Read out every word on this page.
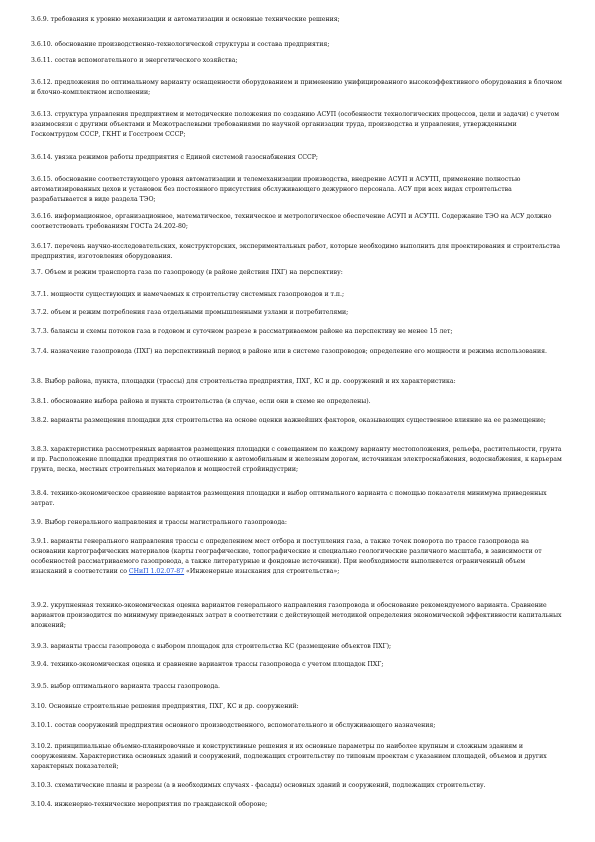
3.6.9. требования к уровню механизации и автоматизации и основные технические решения;

3.6.10. обоснование производственно-технологической структуры и состава предприятия;

3.6.11. состав вспомогательного и энергетического хозяйства;

3.6.12. предложения по оптимальному варианту оснащенности оборудованием и применению унифицированного высокоэффективного оборудования в блочном и блочно-комплектном исполнении;

3.6.13. структура управления предприятием и методические положения по созданию АСУП (особенности технологических процессов, цели и задачи) с учетом взаимосвязи с другими объектами и Межотраслевыми требованиями по научной организации труда, производства и управления, утвержденными Госкомтрудом СССР, ГКНТ и Госстроем СССР;

3.6.14. увязка режимов работы предприятия с Единой системой газоснабжения СССР;

3.6.15. обоснование соответствующего уровня автоматизации и телемеханизации производства, внедрение АСУП и АСУТП, применение полностью автоматизированных цехов и установок без постоянного присутствия обслуживающего дежурного персонала. АСУ при всех видах строительства разрабатывается в виде раздела ТЭО;

3.6.16. информационное, организационное, математическое, техническое и метрологическое обеспечение АСУП и АСУТП. Содержание ТЭО на АСУ должно соответствовать требованиям ГОСТа 24.202-80;

3.6.17. перечень научно-исследовательских, конструкторских, экспериментальных работ, которые необходимо выполнить для проектирования и строительства предприятия, изготовления оборудования.

3.7. Объем и режим транспорта газа по газопроводу (в районе действия ПХГ) на перспективу:

3.7.1. мощности существующих и намечаемых к строительству системных газопроводов и т.п.;

3.7.2. объем и режим потребления газа отдельными промышленными узлами и потребителями;

3.7.3. балансы и схемы потоков газа в годовом и суточном разрезе в рассматриваемом районе на перспективу не менее 15 лет;

3.7.4. назначение газопровода (ПХГ) на перспективный период в районе или в системе газопроводов; определение его мощности и режима использования.

3.8. Выбор района, пункта, площадки (трассы) для строительства предприятия, ПХГ, КС и др. сооружений и их характеристика:

3.8.1. обоснование выбора района и пункта строительства (в случае, если они в схеме не определены).

3.8.2. варианты размещения площадки для строительства на основе оценки важнейших факторов, оказывающих существенное влияние на ее размещение;

3.8.3. характеристика рассмотренных вариантов размещения площадки с совещанием по каждому варианту местоположения, рельефа, растительности, грунта и пр. Расположение площадки предприятия по отношению к автомобильным и железным дорогам, источникам электроснабжения, водоснабжения, к карьерам грунта, песка, местных строительных материалов и мощностей стройиндустрии;

3.8.4. технико-экономическое сравнение вариантов размещения площадки и выбор оптимального варианта с помощью показателя минимума приведенных затрат.

3.9. Выбор генерального направления и трассы магистрального газопровода:

3.9.1. варианты генерального направления трассы с определением мест отбора и поступления газа, а также точек поворота по трассе газопровода на основании картографических материалов (карты географические, топографические и специально геологические различного масштаба, в зависимости от особенностей рассматриваемого газопровода, а также литературные и фондовые источники). При необходимости выполняется ограниченный объем изысканий в соответствии со СНиП 1.02.07-87 «Инженерные изыскания для строительства»;

3.9.2. укрупненная технико-экономическая оценка вариантов генерального направления газопровода и обоснование рекомендуемого варианта. Сравнение вариантов производится по минимуму приведенных затрат в соответствии с действующей методикой определения экономической эффективности капитальных вложений;

3.9.3. варианты трассы газопровода с выбором площадок для строительства КС (размещение объектов ПХГ);

3.9.4. технико-экономическая оценка и сравнение вариантов трассы газопровода с учетом площадок ПХГ;

3.9.5. выбор оптимального варианта трассы газопровода.

3.10. Основные строительные решения предприятия, ПХГ, КС и др. сооружений:

3.10.1. состав сооружений предприятия основного производственного, вспомогательного и обслуживающего назначения;

3.10.2. принципиальные объемно-планировочные и конструктивные решения и их основные параметры по наиболее крупным и сложным зданиям и сооружениям. Характеристика основных зданий и сооружений, подлежащих строительству по типовым проектам с указанием площадей, объемов и других характерных показателей;

3.10.3. схематические планы и разрезы (а в необходимых случаях - фасады) основных зданий и сооружений, подлежащих строительству.

3.10.4. инженерно-технические мероприятия по гражданской обороне;
